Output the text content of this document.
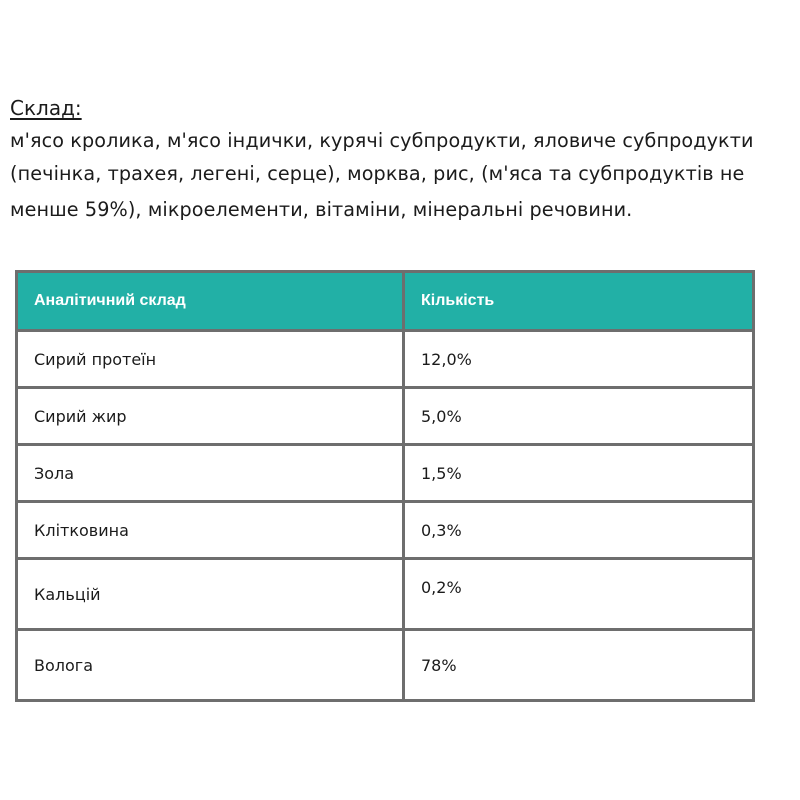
Склад:

м'ясо кролика, м'ясо індички, курячі субпродукти, яловиче субпродукти

(печінка, трахея, легені, серце), морква, рис, (м'яса та субпродуктів не

менше 59%), мікроелементи, вітаміни, мінеральні речовини.

Аналітичний склад	Кількість
Сирий протеїн	12,0%
Сирий жир	5,0%
Зола	1,5%
Клітковина	0,3%
Кальцій	0,2%

Волога	78%
